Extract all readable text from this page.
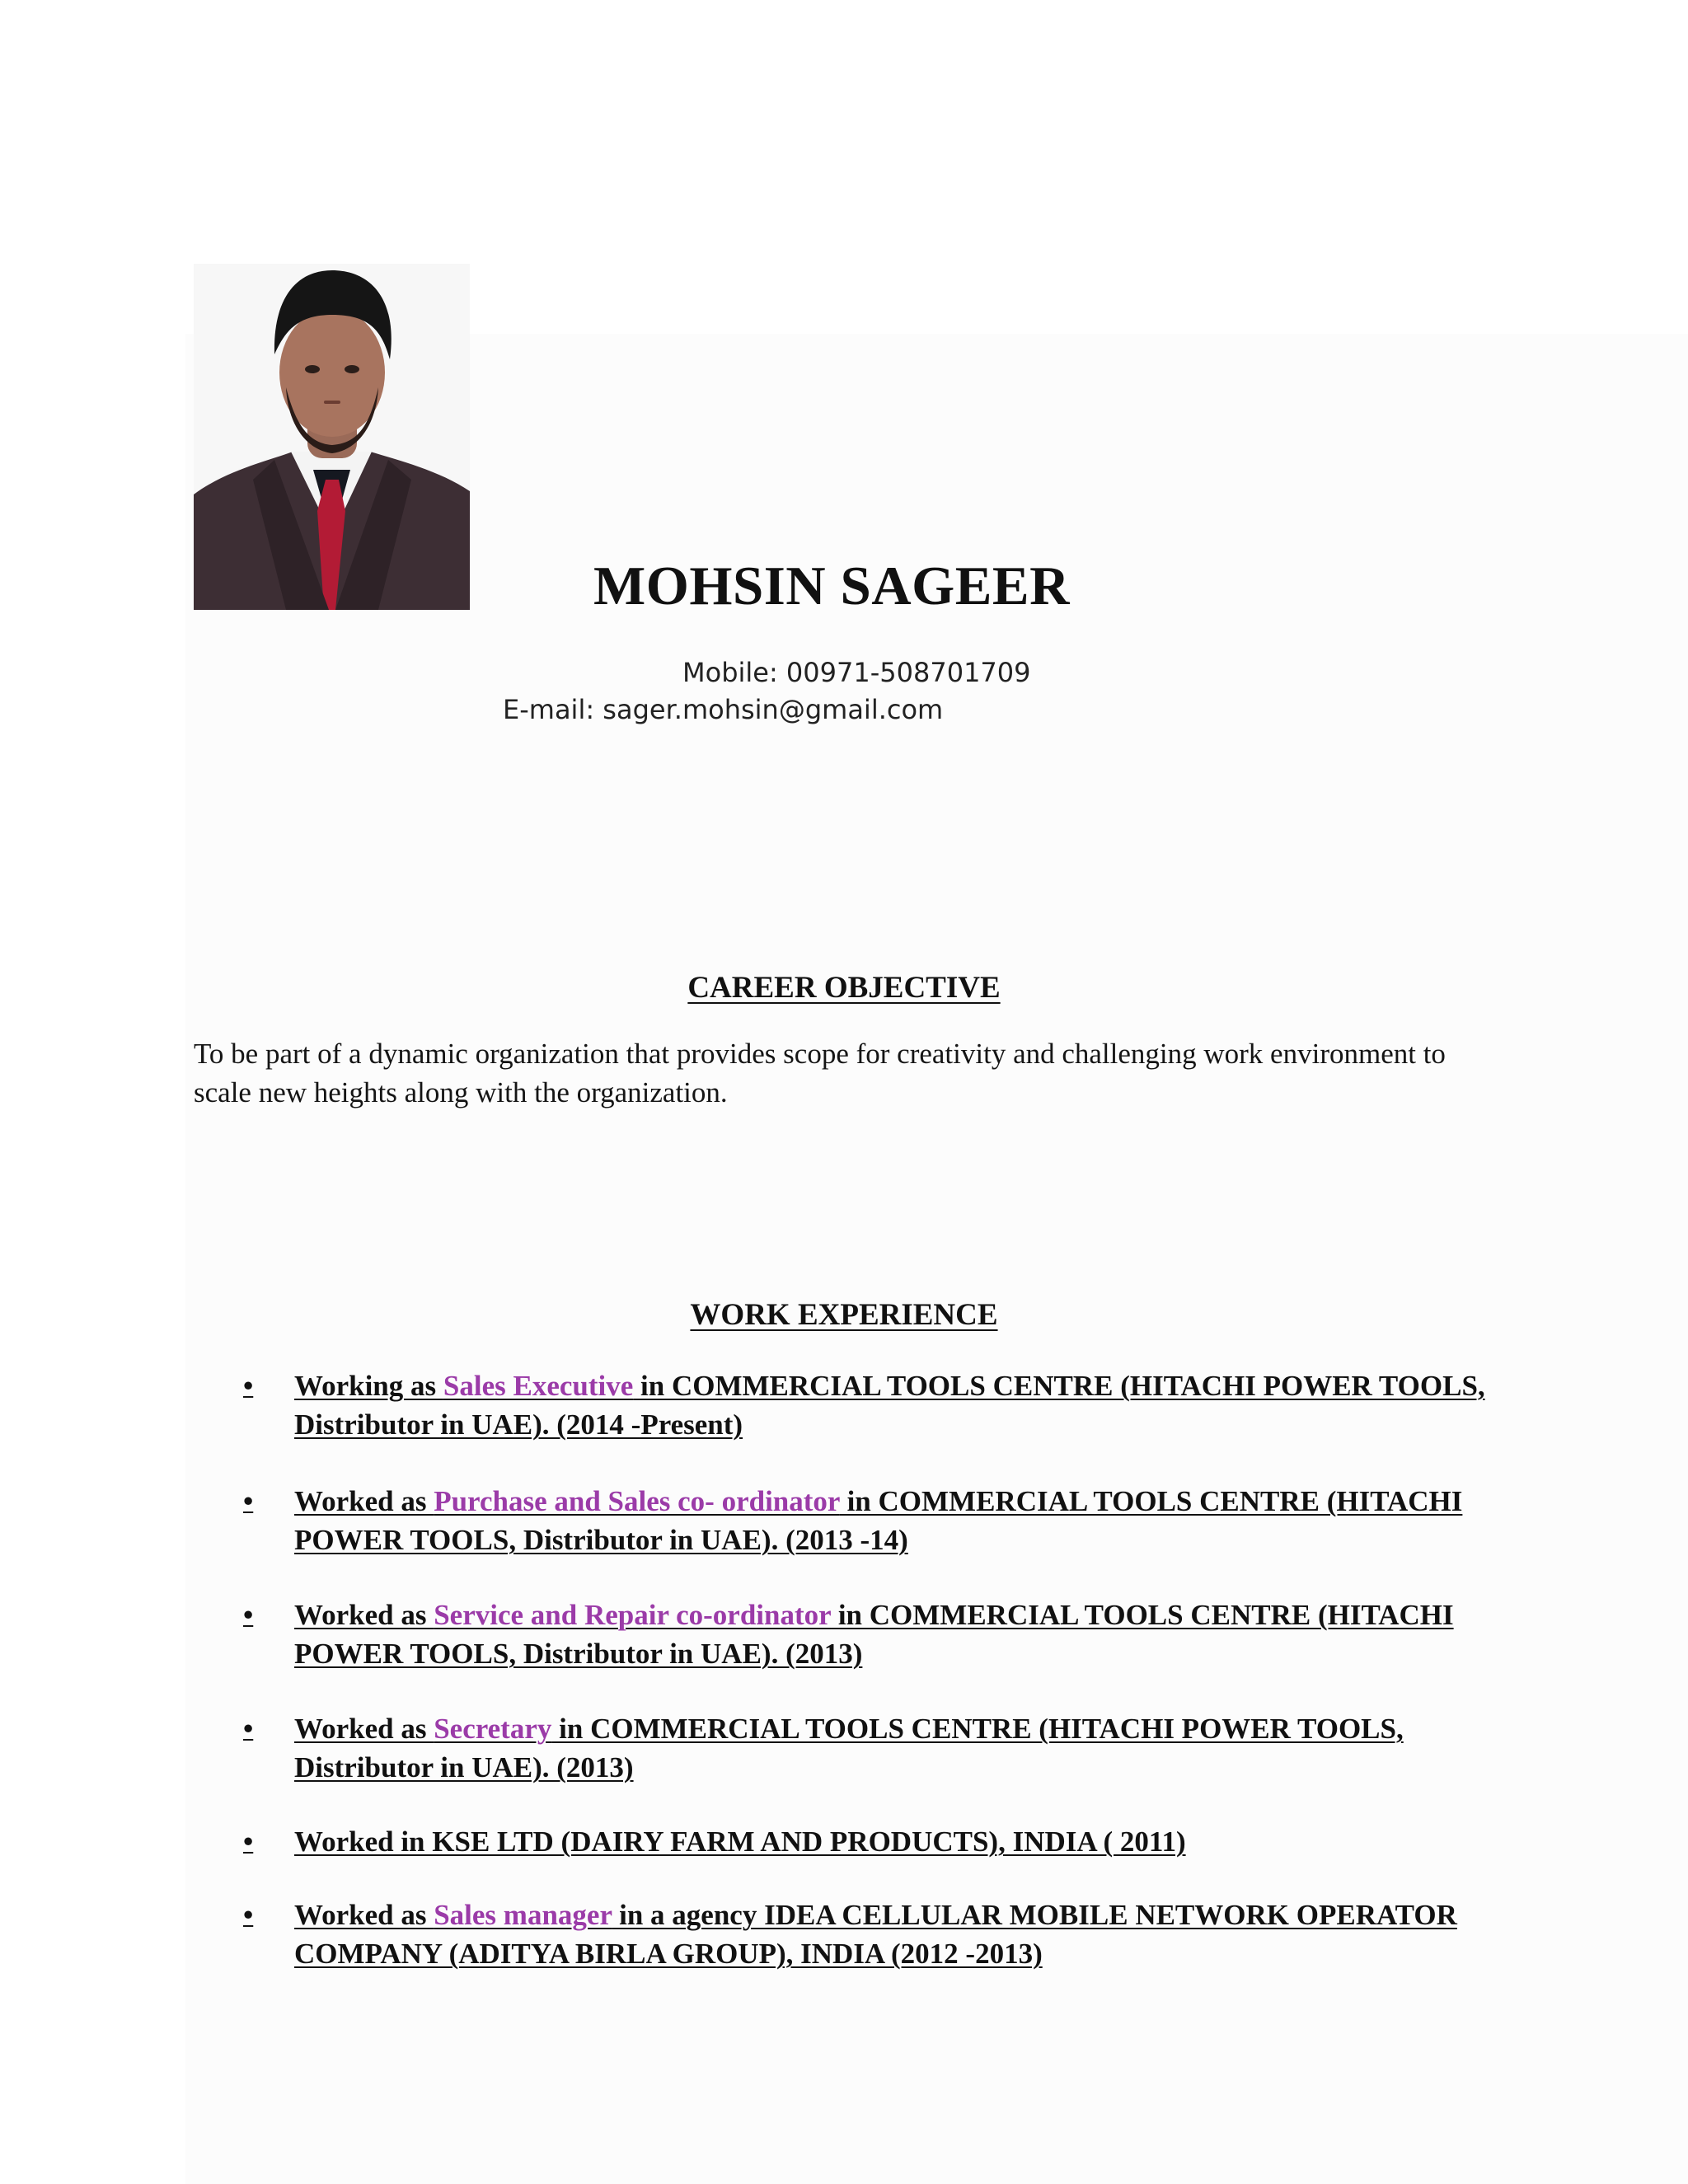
MOHSIN SAGEER

Mobile: 00971-508701709

E-mail: sager.mohsin@gmail.com

CAREER OBJECTIVE

To be part of a dynamic organization that provides scope for creativity and challenging work environment to scale new heights along with the organization.

WORK EXPERIENCE
• Working as Sales Executive in COMMERCIAL TOOLS CENTRE (HITACHI POWER TOOLS, Distributor in UAE). (2014 -Present)
• Worked as Purchase and Sales co- ordinator in COMMERCIAL TOOLS CENTRE (HITACHI POWER TOOLS, Distributor in UAE). (2013 -14)
• Worked as Service and Repair co-ordinator in COMMERCIAL TOOLS CENTRE (HITACHI POWER TOOLS, Distributor in UAE). (2013)
• Worked as Secretary in COMMERCIAL TOOLS CENTRE (HITACHI POWER TOOLS, Distributor in UAE). (2013)
• Worked in KSE LTD (DAIRY FARM AND PRODUCTS), INDIA ( 2011)
• Worked as Sales manager in a agency IDEA CELLULAR MOBILE NETWORK OPERATOR COMPANY (ADITYA BIRLA GROUP), INDIA (2012 -2013)
